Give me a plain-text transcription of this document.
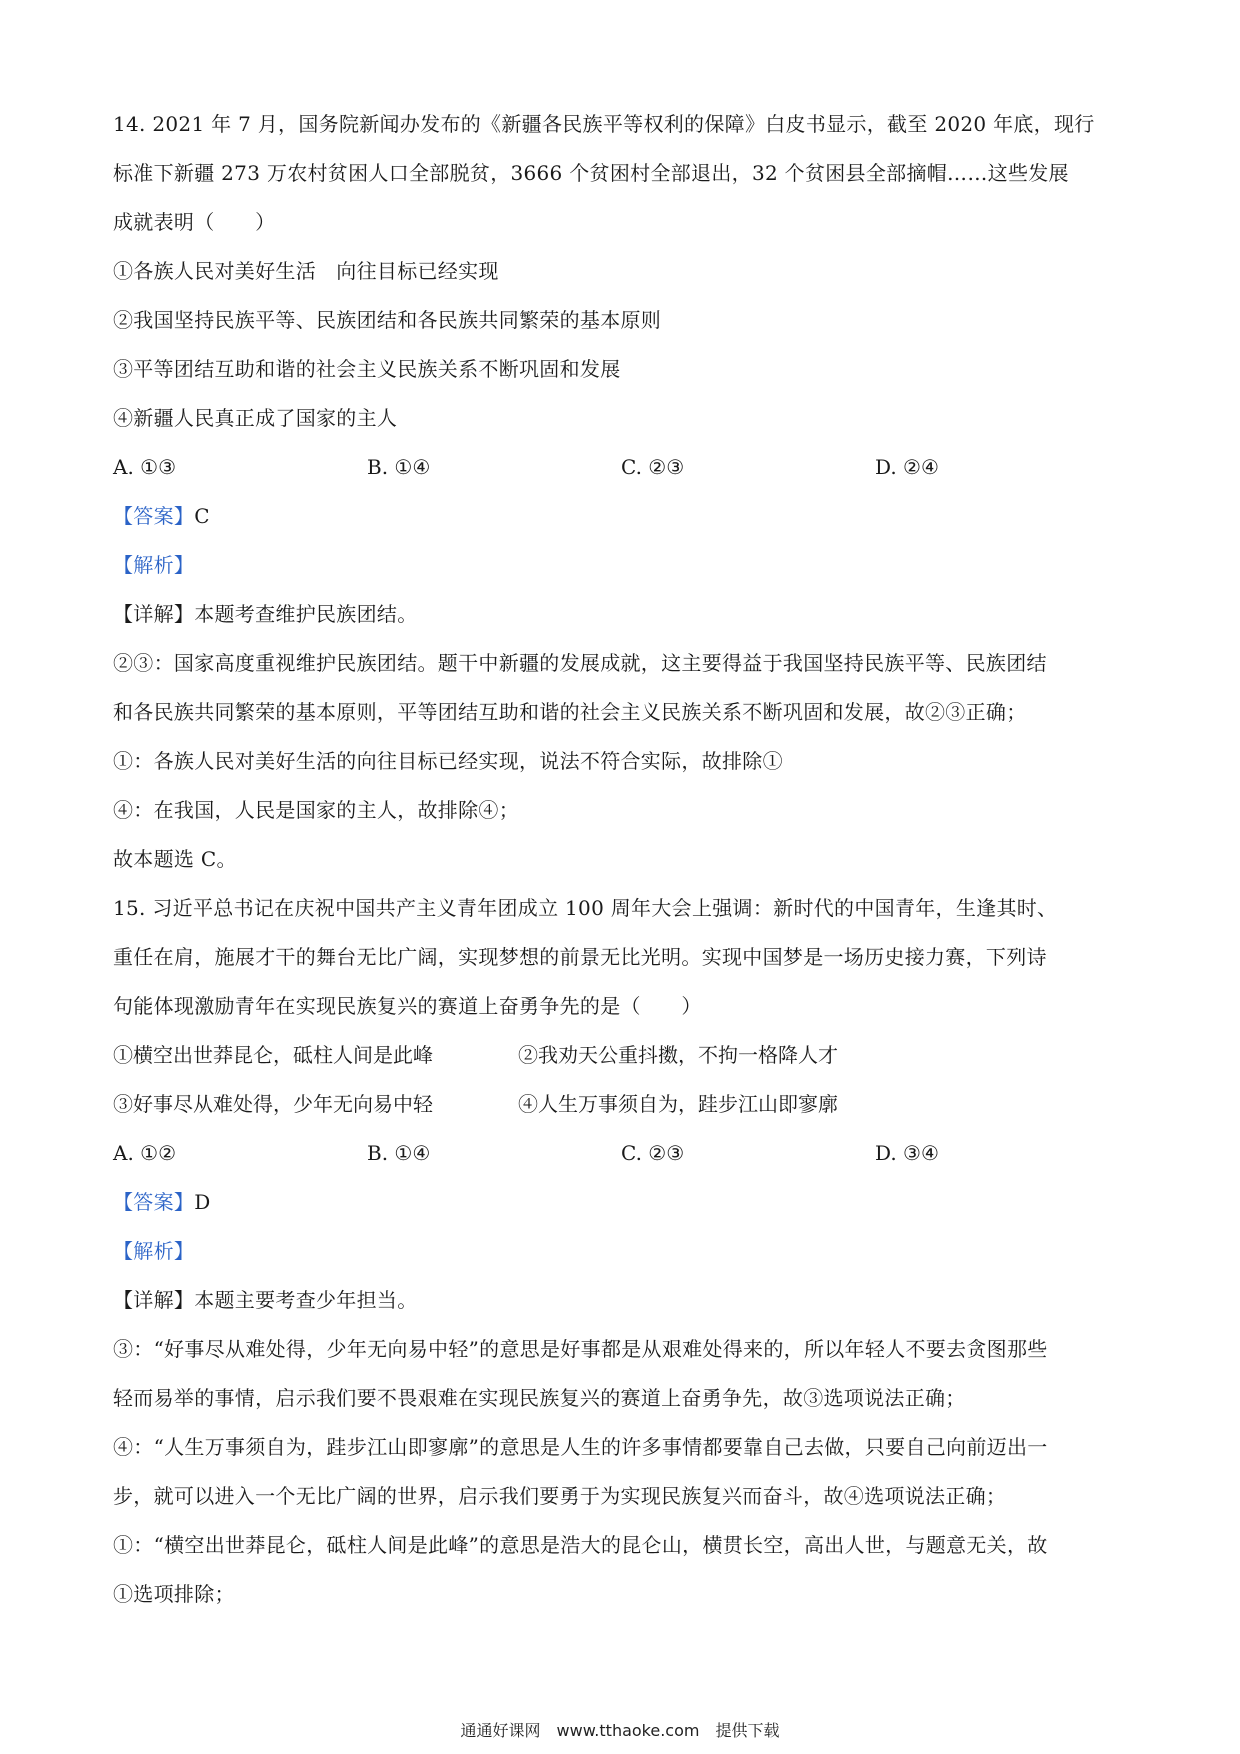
14. 2021 年 7 月，国务院新闻办发布的《新疆各民族平等权利的保障》白皮书显示，截至 2020 年底，现行
标准下新疆 273 万农村贫困人口全部脱贫，3666 个贫困村全部退出，32 个贫困县全部摘帽……这些发展
成就表明（　　）
①各族人民对美好生活　向往目标已经实现
②我国坚持民族平等、民族团结和各民族共同繁荣的基本原则
③平等团结互助和谐的社会主义民族关系不断巩固和发展
④新疆人民真正成了国家的主人
A. ①③	B. ①④	C. ②③	D. ②④
【答案】C
【解析】
【详解】本题考查维护民族团结。
②③：国家高度重视维护民族团结。题干中新疆的发展成就，这主要得益于我国坚持民族平等、民族团结
和各民族共同繁荣的基本原则，平等团结互助和谐的社会主义民族关系不断巩固和发展，故②③正确；
①：各族人民对美好生活的向往目标已经实现，说法不符合实际，故排除①
④：在我国，人民是国家的主人，故排除④；
故本题选 C。
15. 习近平总书记在庆祝中国共产主义青年团成立 100 周年大会上强调：新时代的中国青年，生逢其时、
重任在肩，施展才干的舞台无比广阔，实现梦想的前景无比光明。实现中国梦是一场历史接力赛，下列诗
句能体现激励青年在实现民族复兴的赛道上奋勇争先的是（　　）
①横空出世莽昆仑，砥柱人间是此峰	②我劝天公重抖擞，不拘一格降人才
③好事尽从难处得，少年无向易中轻	④人生万事须自为，跬步江山即寥廓
A. ①②	B. ①④	C. ②③	D. ③④
【答案】D
【解析】
【详解】本题主要考查少年担当。
③：“好事尽从难处得，少年无向易中轻”的意思是好事都是从艰难处得来的，所以年轻人不要去贪图那些
轻而易举的事情，启示我们要不畏艰难在实现民族复兴的赛道上奋勇争先，故③选项说法正确；
④：“人生万事须自为，跬步江山即寥廓”的意思是人生的许多事情都要靠自己去做，只要自己向前迈出一
步，就可以进入一个无比广阔的世界，启示我们要勇于为实现民族复兴而奋斗，故④选项说法正确；
①：“横空出世莽昆仑，砥柱人间是此峰”的意思是浩大的昆仑山，横贯长空，高出人世，与题意无关，故
①选项排除；
通通好课网　www.tthaoke.com　提供下载
